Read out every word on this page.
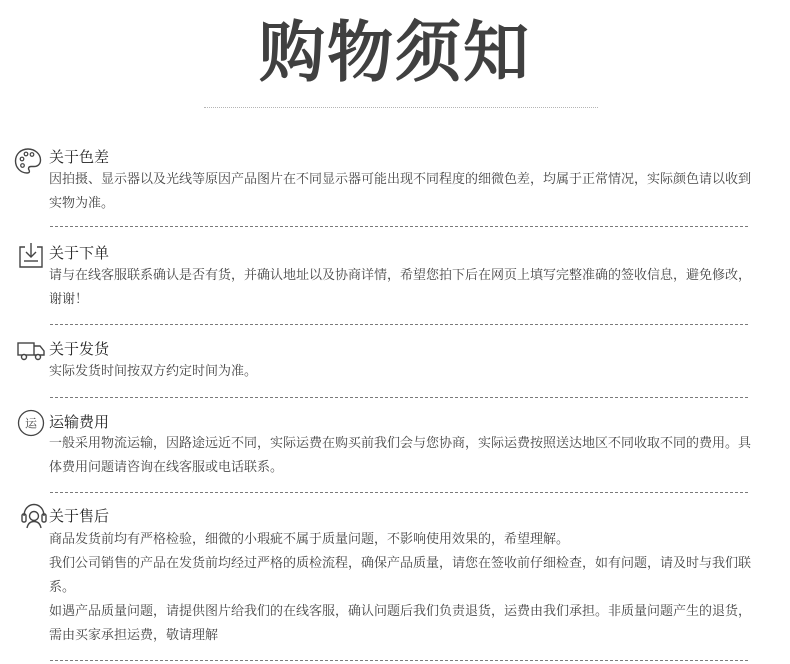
购物须知
关于色差

因拍摄、显示器以及光线等原因产品图片在不同显示器可能出现不同程度的细微色差，均属于正常情况，实际颜色请以收到实物为准。

关于下单

请与在线客服联系确认是否有货，并确认地址以及协商详情，希望您拍下后在网页上填写完整准确的签收信息，避免修改，谢谢！

关于发货

实际发货时间按双方约定时间为准。

运 运输费用

一般采用物流运输，因路途远近不同，实际运费在购买前我们会与您协商，实际运费按照送达地区不同收取不同的费用。具体费用问题请咨询在线客服或电话联系。

关于售后

商品发货前均有严格检验，细微的小瑕疵不属于质量问题，不影响使用效果的，希望理解。

我们公司销售的产品在发货前均经过严格的质检流程，确保产品质量，请您在签收前仔细检查，如有问题，请及时与我们联系。

如遇产品质量问题，请提供图片给我们的在线客服，确认问题后我们负责退货，运费由我们承担。非质量问题产生的退货，需由买家承担运费，敬请理解
